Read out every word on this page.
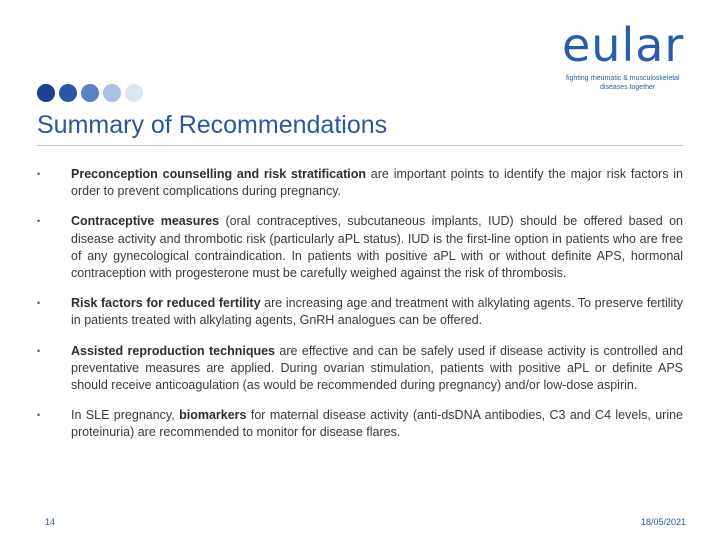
eular
fighting rheumatic & musculoskeletal
diseases together
Summary of Recommendations
• Preconception counselling and risk stratification are important points to identify the major risk factors in order to prevent complications during pregnancy.
• Contraceptive measures (oral contraceptives, subcutaneous implants, IUD) should be offered based on disease activity and thrombotic risk (particularly aPL status). IUD is the first-line option in patients who are free of any gynecological contraindication. In patients with positive aPL with or without definite APS, hormonal contraception with progesterone must be carefully weighed against the risk of thrombosis.
• Risk factors for reduced fertility are increasing age and treatment with alkylating agents. To preserve fertility in patients treated with alkylating agents, GnRH analogues can be offered.
• Assisted reproduction techniques are effective and can be safely used if disease activity is controlled and preventative measures are applied. During ovarian stimulation, patients with positive aPL or definite APS should receive anticoagulation (as would be recommended during pregnancy) and/or low-dose aspirin.
• In SLE pregnancy, biomarkers for maternal disease activity (anti-dsDNA antibodies, C3 and C4 levels, urine proteinuria) are recommended to monitor for disease flares.
14	18/05/2021
